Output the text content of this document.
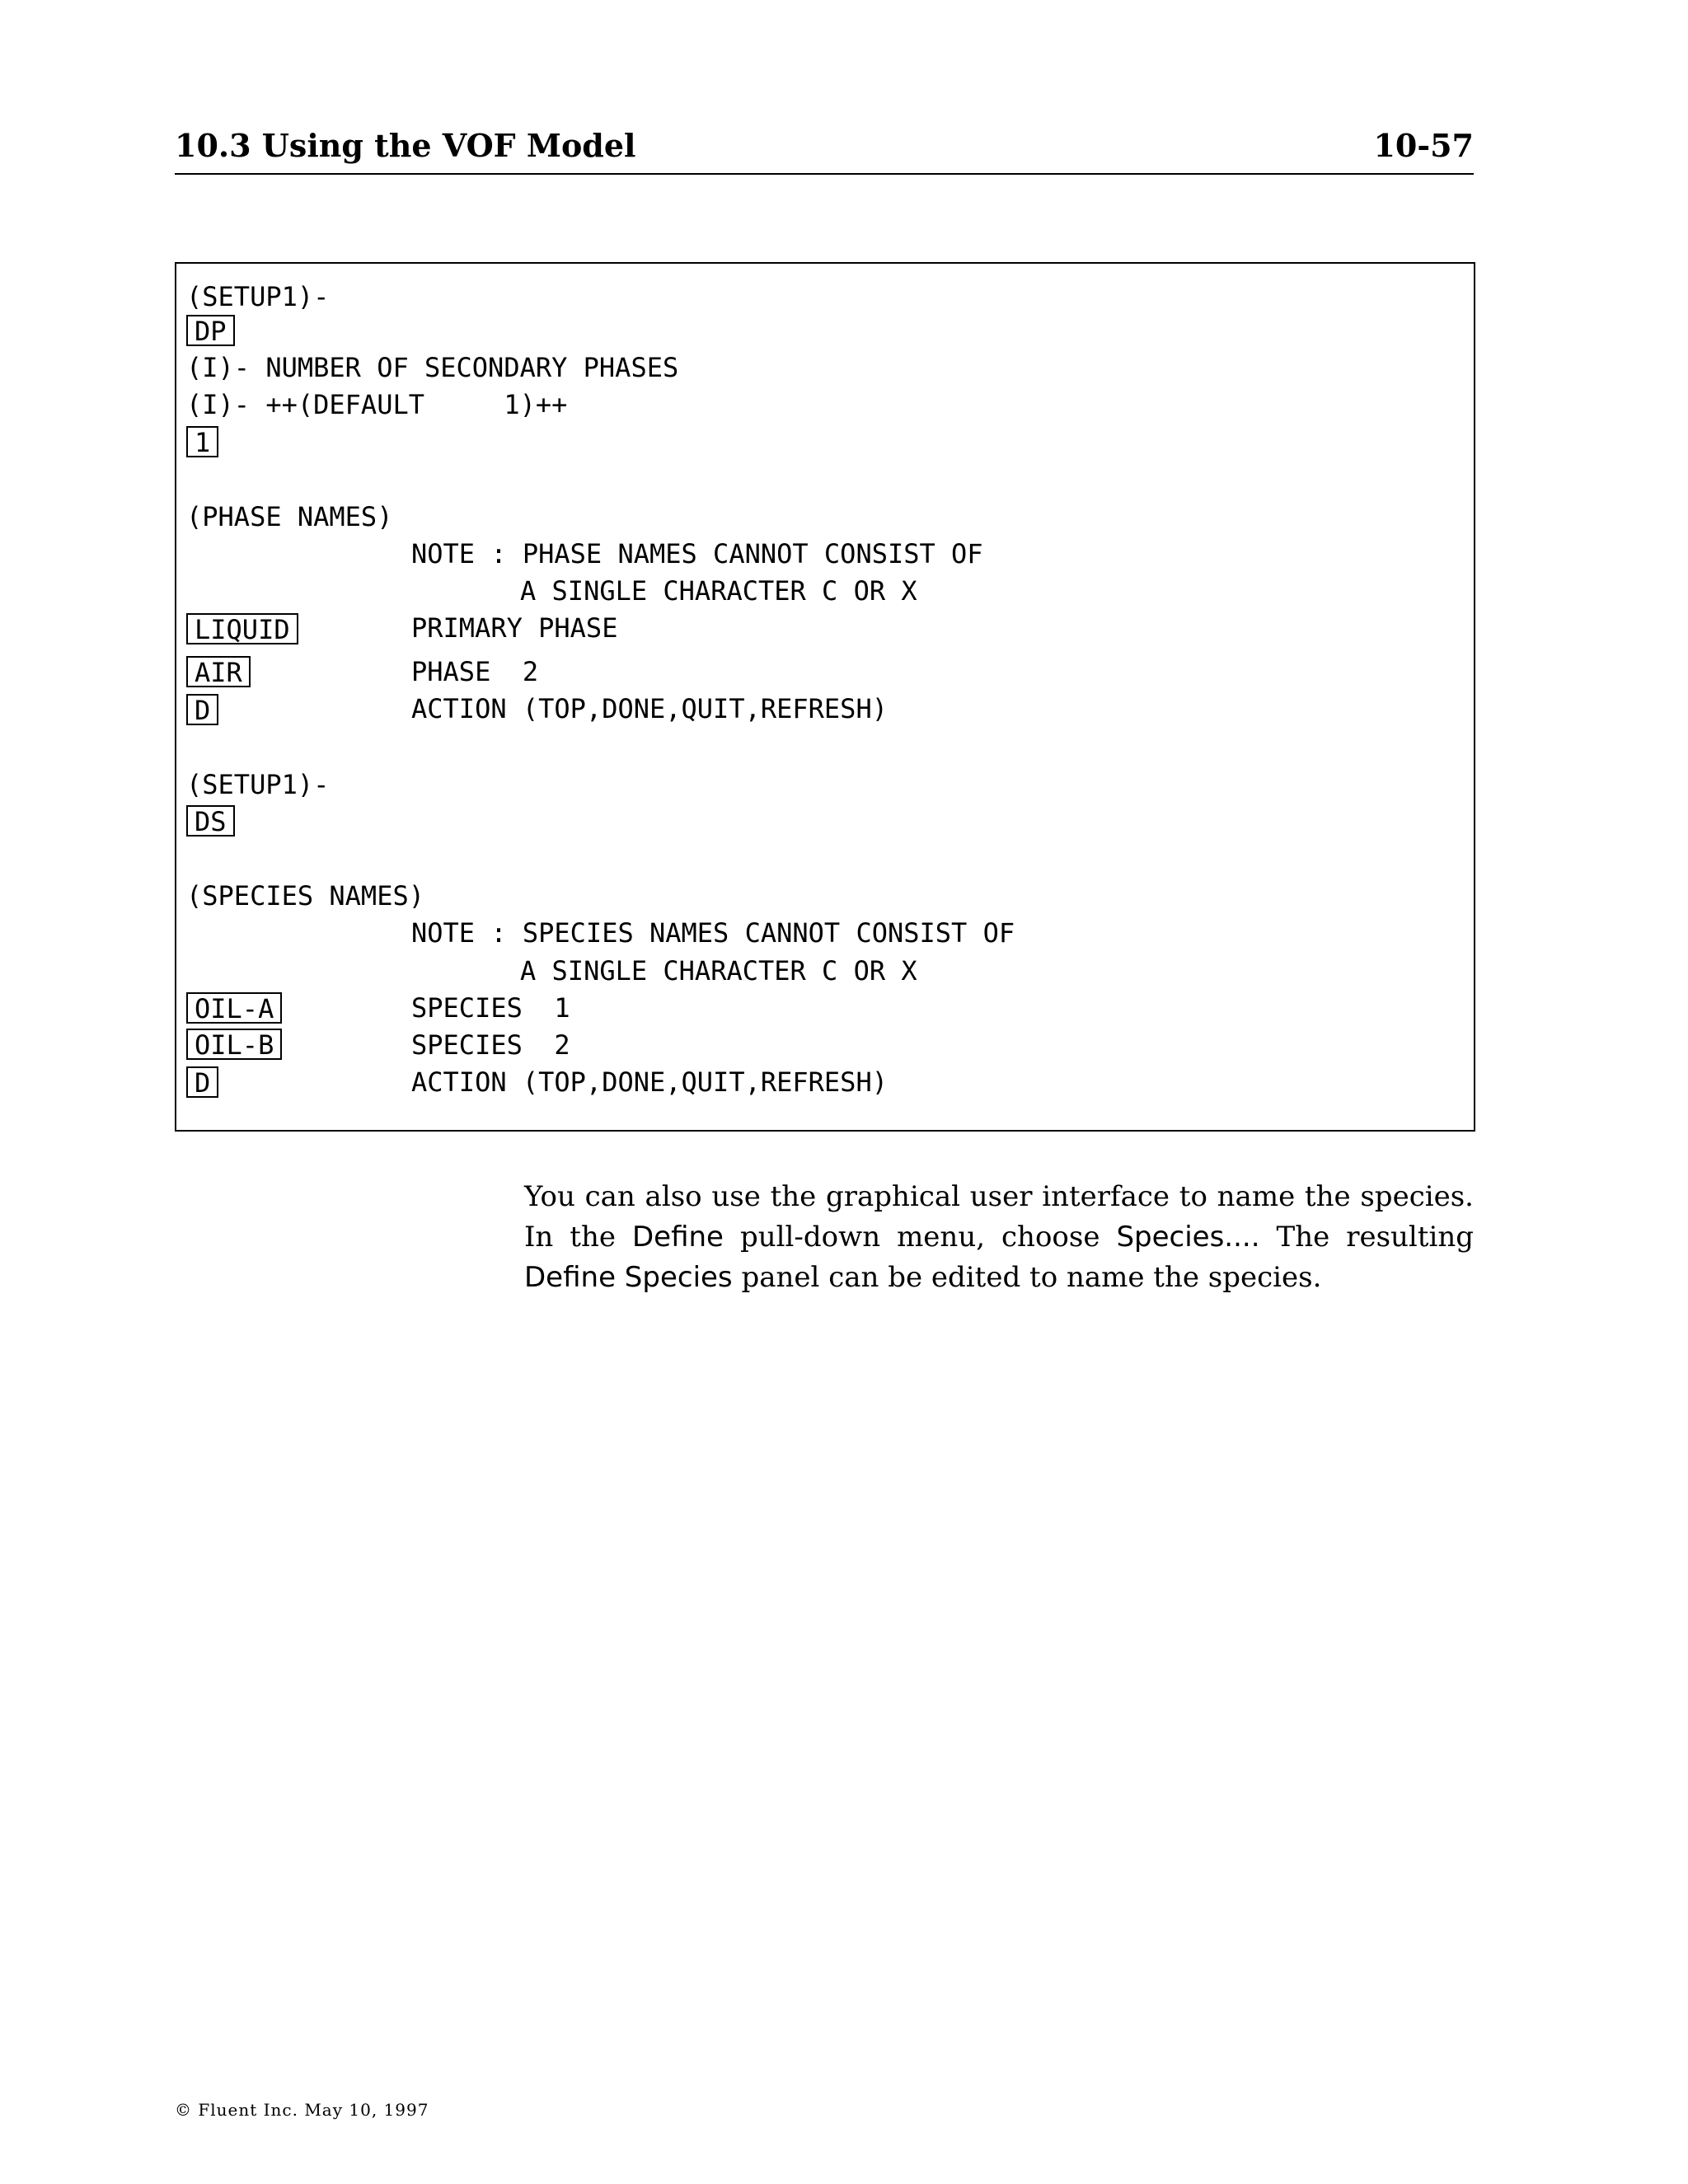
10.3 Using the VOF Model	10-57
(SETUP1)-
DP
(I)- NUMBER OF SECONDARY PHASES
(I)- ++(DEFAULT     1)++
1
(PHASE NAMES)
NOTE : PHASE NAMES CANNOT CONSIST OF
A SINGLE CHARACTER C OR X
LIQUID	PRIMARY PHASE
AIR	PHASE  2
D	ACTION (TOP,DONE,QUIT,REFRESH)
(SETUP1)-
DS
(SPECIES NAMES)
NOTE : SPECIES NAMES CANNOT CONSIST OF
A SINGLE CHARACTER C OR X
OIL-A	SPECIES  1
OIL-B	SPECIES  2
D	ACTION (TOP,DONE,QUIT,REFRESH)
You can also use the graphical user interface to name the species. In the Define pull-down menu, choose Species.... The resulting Define Species panel can be edited to name the species.
© Fluent Inc. May 10, 1997
